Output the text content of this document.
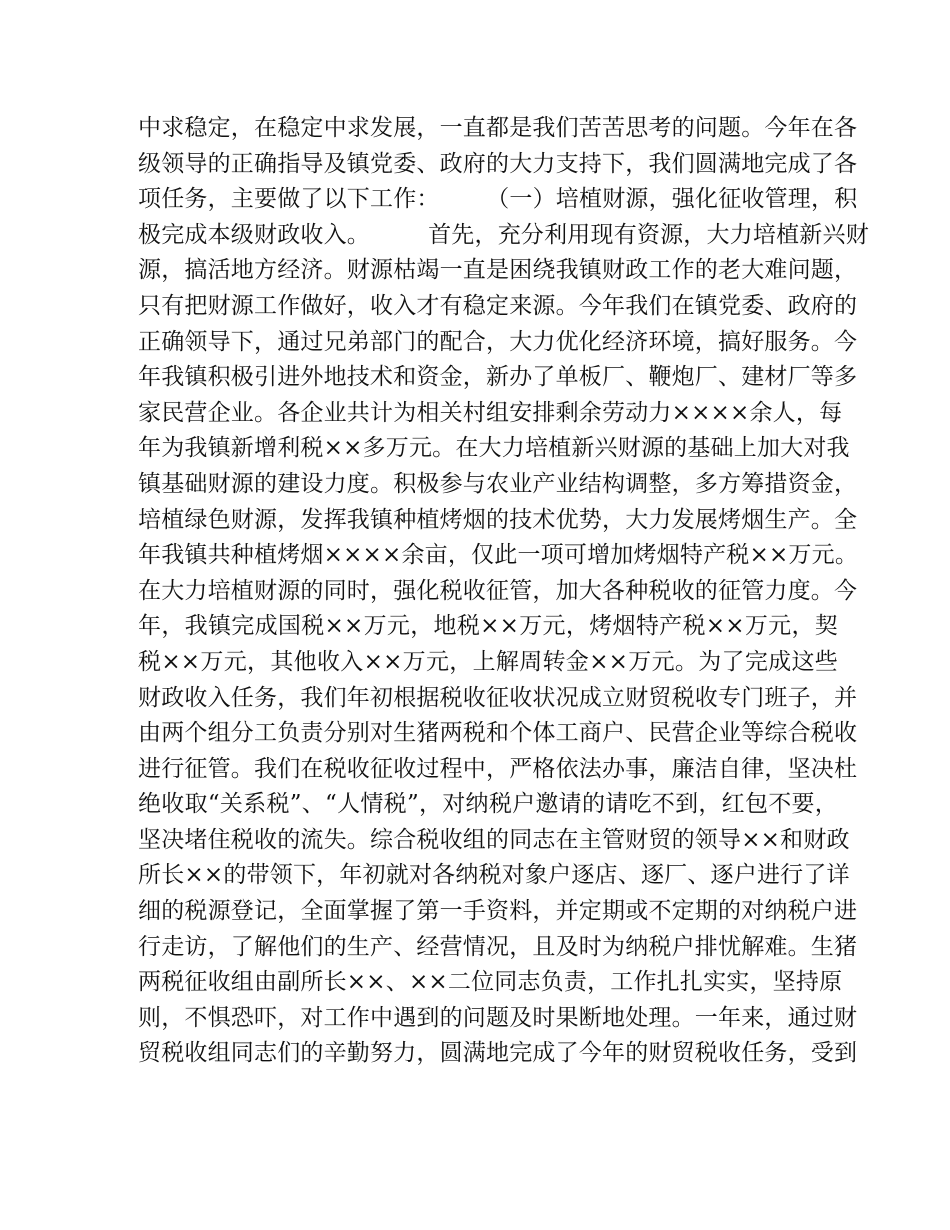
中求稳定，在稳定中求发展，一直都是我们苦苦思考的问题。今年在各
级领导的正确指导及镇党委、政府的大力支持下，我们圆满地完成了各
项任务，主要做了以下工作：　　　（一）培植财源，强化征收管理，积
极完成本级财政收入。　　　首先，充分利用现有资源，大力培植新兴财
源，搞活地方经济。财源枯竭一直是困绕我镇财政工作的老大难问题，
只有把财源工作做好，收入才有稳定来源。今年我们在镇党委、政府的
正确领导下，通过兄弟部门的配合，大力优化经济环境，搞好服务。今
年我镇积极引进外地技术和资金，新办了单板厂、鞭炮厂、建材厂等多
家民营企业。各企业共计为相关村组安排剩余劳动力××××余人，每
年为我镇新增利税××多万元。在大力培植新兴财源的基础上加大对我
镇基础财源的建设力度。积极参与农业产业结构调整，多方筹措资金，
培植绿色财源，发挥我镇种植烤烟的技术优势，大力发展烤烟生产。全
年我镇共种植烤烟××××余亩，仅此一项可增加烤烟特产税××万元。
在大力培植财源的同时，强化税收征管，加大各种税收的征管力度。今
年，我镇完成国税××万元，地税××万元，烤烟特产税××万元，契
税××万元，其他收入××万元，上解周转金××万元。为了完成这些
财政收入任务，我们年初根据税收征收状况成立财贸税收专门班子，并
由两个组分工负责分别对生猪两税和个体工商户、民营企业等综合税收
进行征管。我们在税收征收过程中，严格依法办事，廉洁自律，坚决杜
绝收取“关系税”、“人情税”，对纳税户邀请的请吃不到，红包不要，
坚决堵住税收的流失。综合税收组的同志在主管财贸的领导××和财政
所长××的带领下，年初就对各纳税对象户逐店、逐厂、逐户进行了详
细的税源登记，全面掌握了第一手资料，并定期或不定期的对纳税户进
行走访，了解他们的生产、经营情况，且及时为纳税户排忧解难。生猪
两税征收组由副所长××、××二位同志负责，工作扎扎实实，坚持原
则，不惧恐吓，对工作中遇到的问题及时果断地处理。一年来，通过财
贸税收组同志们的辛勤努力，圆满地完成了今年的财贸税收任务，受到
